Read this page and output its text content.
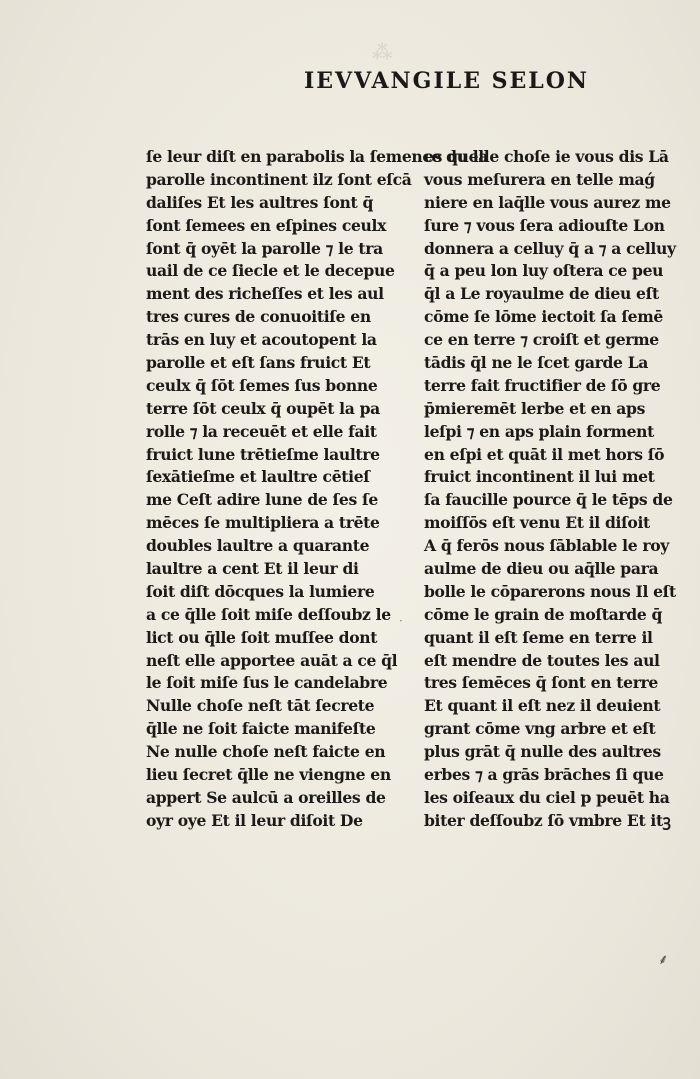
⁂
IEVVANGILE SELON
ſe leur diſt en parabolis la ſemence du la
parolle incontinent ilz ſont eſcā
daliſes Et les aultres ſont q̄
ſont ſemees en eſpines ceulx
ſont q̄ oyēt la parolle ⁊ le tra
uail de ce ſiecle et le decepue
ment des richeſſes et les aul
tres cures de conuoitiſe en
trās en luy et acoutopent la
parolle et eſt ſans fruict Et
ceulx q̄ ſōt ſemes ſus bonne
terre ſōt ceulx q̄ oupēt la pa
rolle ⁊ la receuēt et elle fait
fruict lune trētieſme laultre
ſexātieſme et laultre cētieſ
me Ceſt adire lune de ſes ſe
mēces ſe multipliera a trēte
doubles laultre a quarante
laultre a cent Et il leur di
ſoit diſt dōcques la lumiere
a ce q̄lle ſoit miſe deſſoubz le
lict ou q̄lle ſoit muſſee dont
neſt elle apportee auāt a ce q̄l
le ſoit miſe ſus le candelabre
Nulle choſe neſt tāt ſecrete
q̄lle ne ſoit faicte manifeſte
Ne nulle choſe neſt faicte en
lieu ſecret q̄lle ne viengne en
appert Se aulcū a oreilles de
oyr oye Et il leur diſoit De
es quelle choſe ie vous dis Lā
vous meſurera en telle maǵ
niere en laq̄lle vous aurez me
ſure ⁊ vous ſera adiouſte Lon
donnera a celluy q̄ a ⁊ a celluy
q̄ a peu lon luy oſtera ce peu
q̄l a Le royaulme de dieu eſt
cōme ſe lōme iectoit ſa ſemē
ce en terre ⁊ croiſt et germe
tādis q̄l ne le ſcet garde La
terre fait fructifier de ſō gre
p̄mieremēt lerbe et en aps
leſpi ⁊ en aps plain forment
en eſpi et quāt il met hors ſō
fruict incontinent il lui met
ſa faucille pource q̄ le tēps de
moiſſōs eſt venu Et il diſoit
A q̄ ferōs nous ſāblable le roy
aulme de dieu ou aq̄lle para
bolle le cōparerons nous Il eſt
cōme le grain de moſtarde q̄
quant il eſt ſeme en terre il
eſt mendre de toutes les aul
tres ſemēces q̄ ſont en terre
Et quant il eſt nez il deuient
grant cōme vng arbre et eſt
plus grāt q̄ nulle des aultres
erbes ⁊ a grās brāches ſi que
les oiſeaux du ciel p peuēt ha
biter deſſoubz ſō vmbre Et itꝫ
·
⸙
